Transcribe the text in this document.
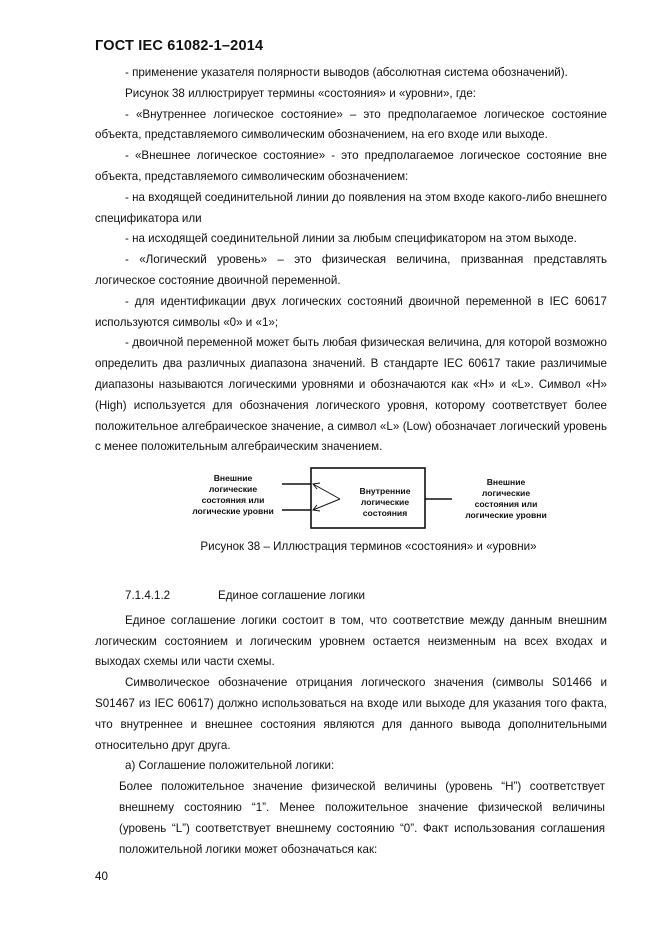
ГОСТ IEC 61082-1–2014

- применение указателя полярности выводов (абсолютная система обозначений).

Рисунок 38 иллюстрирует термины «состояния» и «уровни», где:

- «Внутреннее логическое состояние» – это предполагаемое логическое состояние объекта, представляемого символическим обозначением, на его входе или выходе.

- «Внешнее логическое состояние» - это предполагаемое логическое состояние вне объекта, представляемого символическим обозначением:

- на входящей соединительной линии до появления на этом входе какого-либо внешнего спецификатора или

- на исходящей соединительной линии за любым спецификатором на этом выходе.

- «Логический уровень» – это физическая величина, призванная представлять логическое состояние двоичной переменной.

- для идентификации двух логических состояний двоичной переменной в IEC 60617 используются символы «0» и «1»;

- двоичной переменной может быть любая физическая величина, для которой возможно определить два различных диапазона значений. В стандарте IEC 60617 такие различимые диапазоны называются логическими уровнями и обозначаются как «H» и «L». Символ «H» (High) используется для обозначения логического уровня, которому соответствует более положительное алгебраическое значение, а символ «L» (Low) обозначает логический уровень с менее положительным алгебраическим значением.

Внешние
логические
состояния или
логические уровни
Внутренние
логические
состояния
Внешние
логические
состояния или
логические уровни
Рисунок 38 – Иллюстрация терминов «состояния» и «уровни»
7.1.4.1.2	Единое соглашение логики

Единое соглашение логики состоит в том, что соответствие между данным внешним логическим состоянием и логическим уровнем остается неизменным на всех входах и выходах схемы или части схемы.

Символическое обозначение отрицания логического значения (символы S01466 и S01467 из IEC 60617) должно использоваться на входе или выходе для указания того факта, что внутреннее и внешнее состояния являются для данного вывода дополнительными относительно друг друга.

а) Соглашение положительной логики:

Более положительное значение физической величины (уровень “H”) соответствует внешнему состоянию “1”. Менее положительное значение физической величины (уровень “L”) соответствует внешнему состоянию “0”. Факт использования соглашения положительной логики может обозначаться как:

40
